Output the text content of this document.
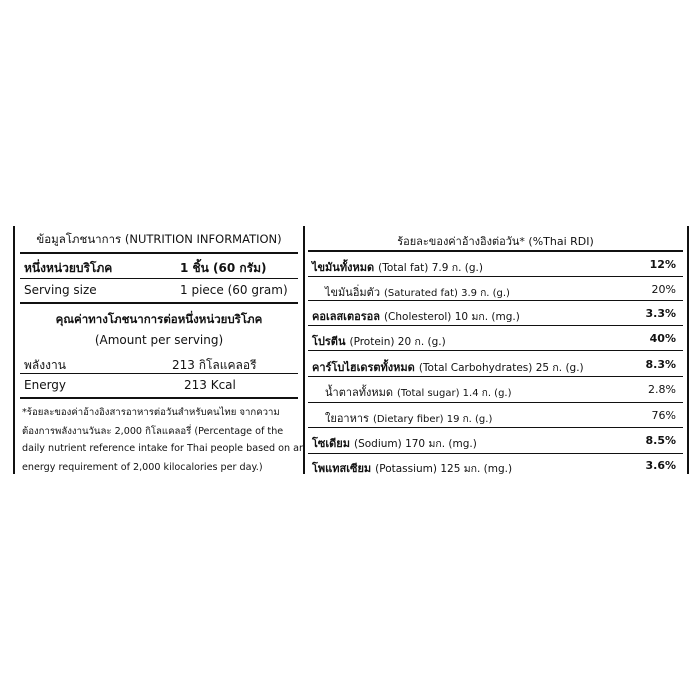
ข้อมูลโภชนาการ (NUTRITION INFORMATION)
หนึ่งหน่วยบริโภค	1 ชิ้น (60 กรัม)
Serving size	1 piece (60 gram)
คุณค่าทางโภชนาการต่อหนึ่งหน่วยบริโภค
(Amount per serving)
พลังงาน	213 กิโลแคลอรี
Energy	213 Kcal
*ร้อยละของค่าอ้างอิงสารอาหารต่อวันสำหรับคนไทย จากความ
ต้องการพลังงานวันละ 2,000 กิโลแคลอรี่ (Percentage of the
daily nutrient reference intake for Thai people based on an
energy requirement of 2,000 kilocalories per day.)
ร้อยละของค่าอ้างอิงต่อวัน* (%Thai RDI)
ไขมันทั้งหมด (Total fat) 7.9 ก. (g.)	12%
ไขมันอิ่มตัว (Saturated fat) 3.9 ก. (g.)	20%
คอเลสเตอรอล (Cholesterol) 10 มก. (mg.)	3.3%
โปรตีน (Protein) 20 ก. (g.)	40%
คาร์โบไฮเดรตทั้งหมด (Total Carbohydrates) 25 ก. (g.)	8.3%
น้ำตาลทั้งหมด (Total sugar) 1.4 ก. (g.)	2.8%
ใยอาหาร (Dietary fiber) 19 ก. (g.)	76%
โซเดียม (Sodium) 170 มก. (mg.)	8.5%
โพแทสเซียม (Potassium) 125 มก. (mg.)	3.6%
